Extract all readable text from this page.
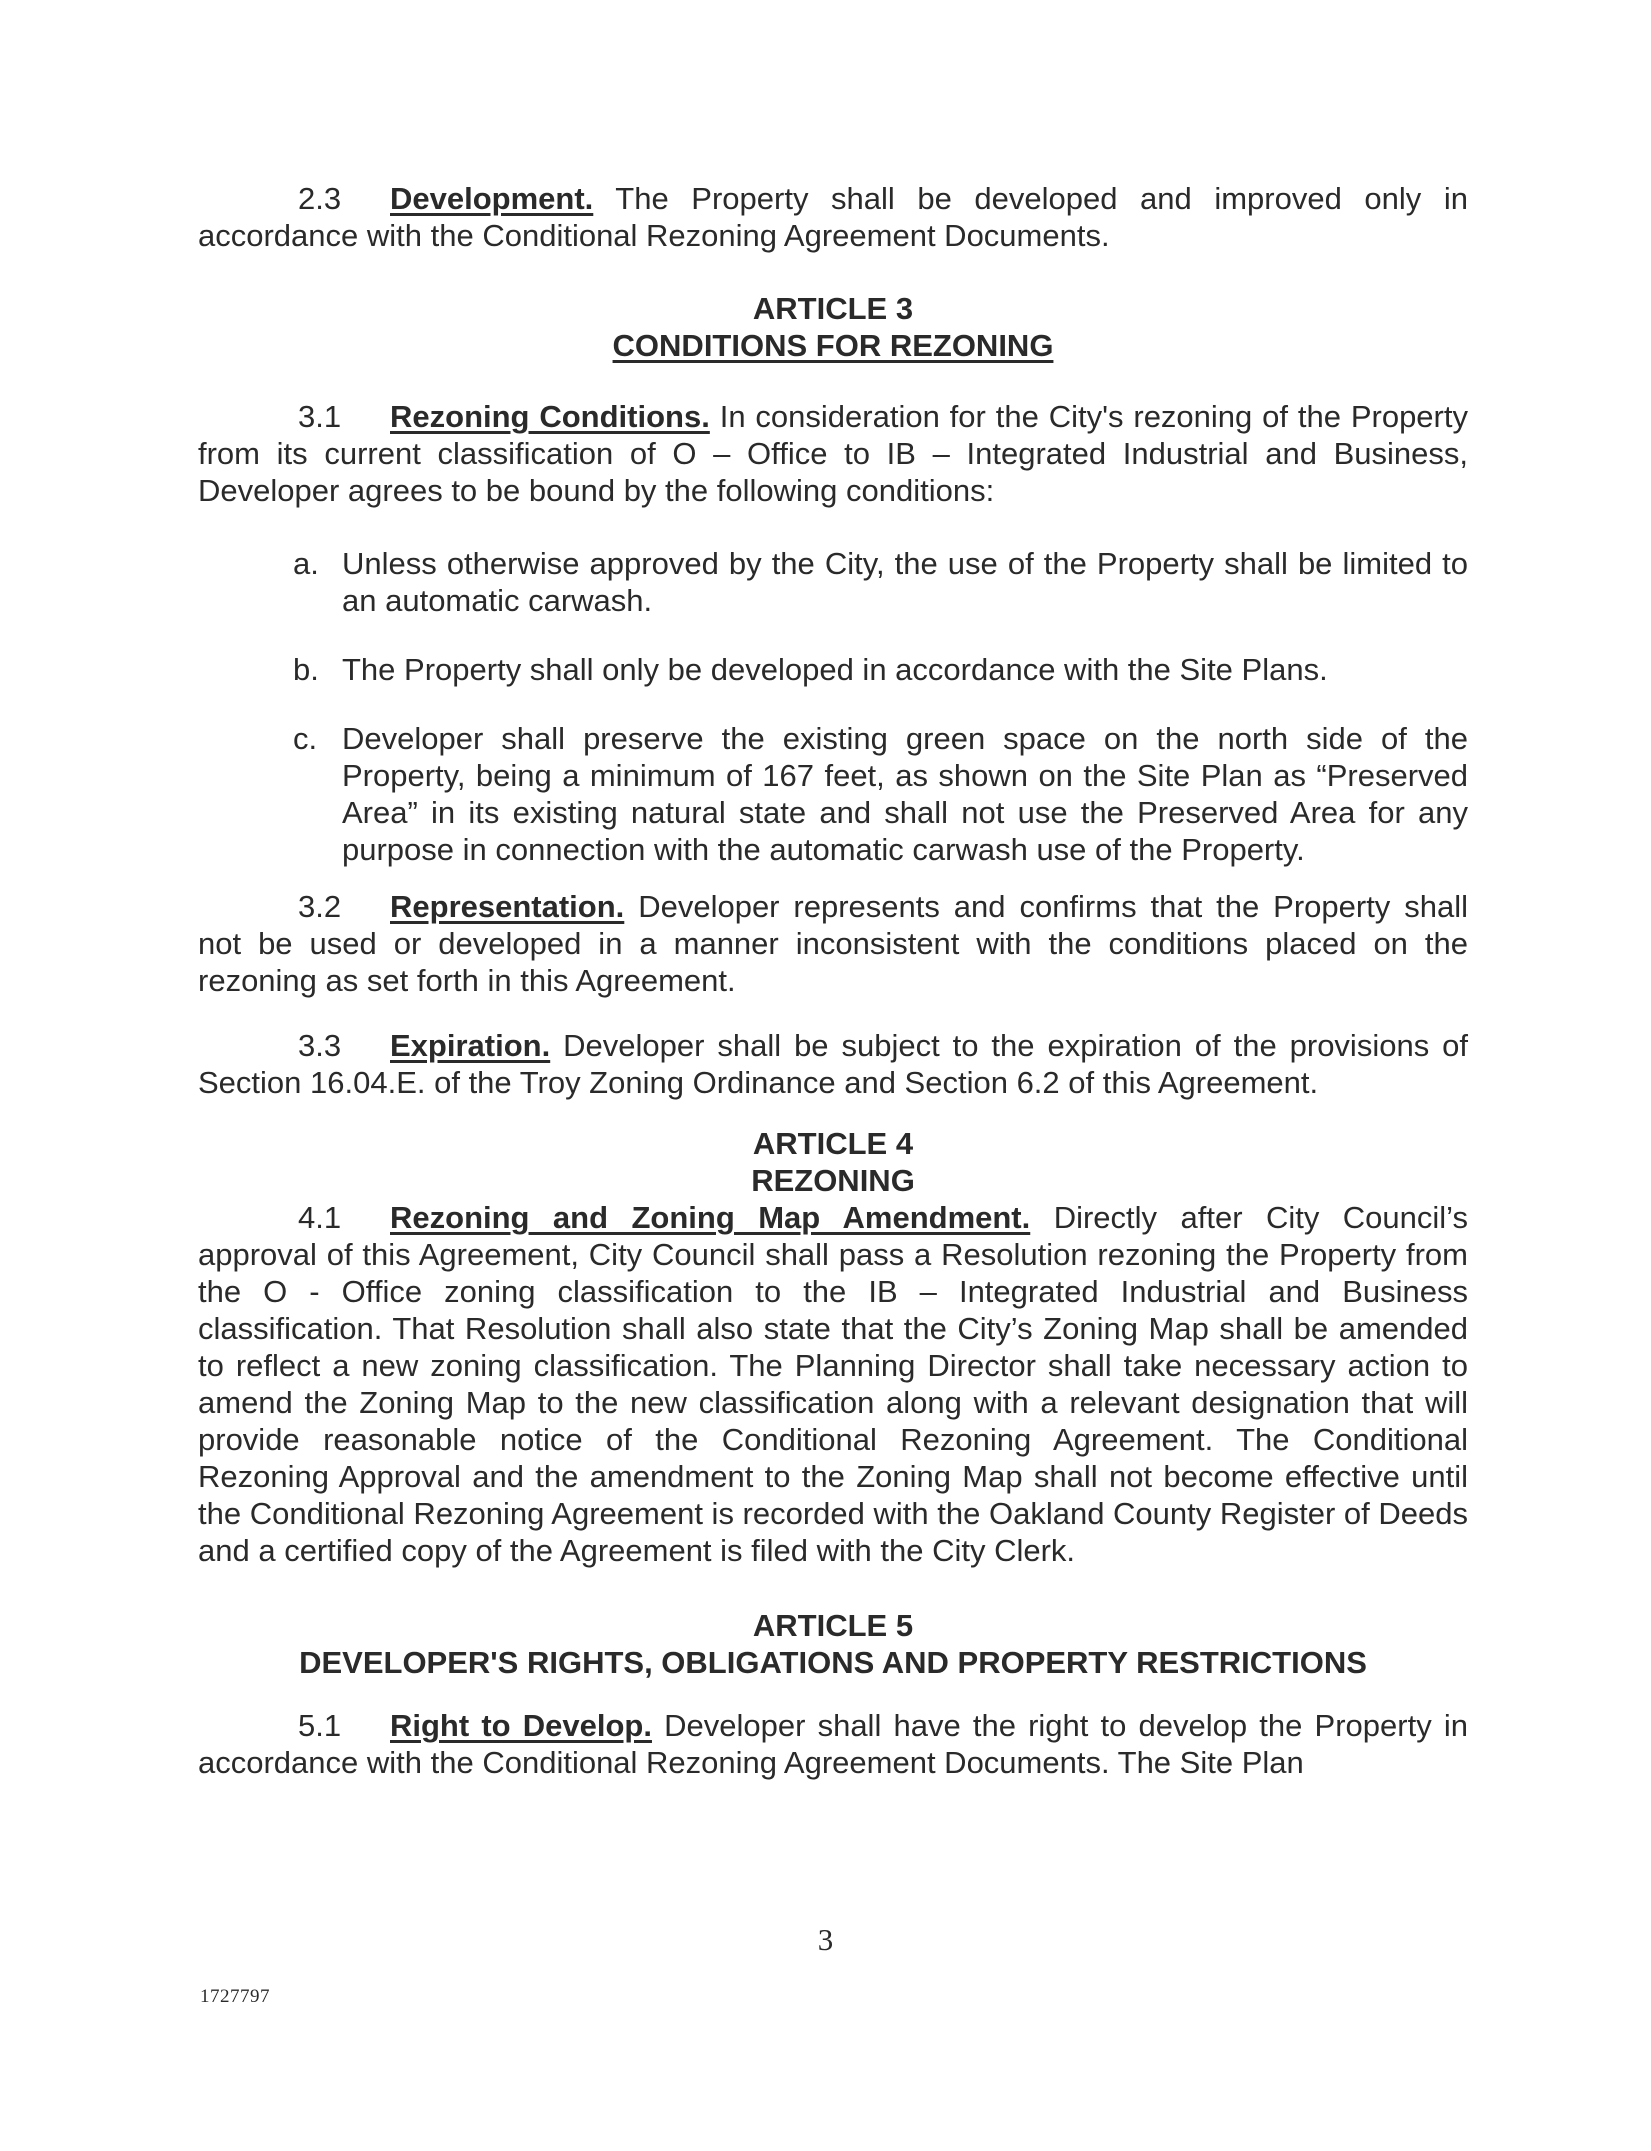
2.3 Development. The Property shall be developed and improved only in accordance with the Conditional Rezoning Agreement Documents.

ARTICLE 3
CONDITIONS FOR REZONING

3.1 Rezoning Conditions. In consideration for the City's rezoning of the Property from its current classification of O – Office to IB – Integrated Industrial and Business, Developer agrees to be bound by the following conditions:

a. Unless otherwise approved by the City, the use of the Property shall be limited to an automatic carwash.
b. The Property shall only be developed in accordance with the Site Plans.
c. Developer shall preserve the existing green space on the north side of the Property, being a minimum of 167 feet, as shown on the Site Plan as “Preserved Area” in its existing natural state and shall not use the Preserved Area for any purpose in connection with the automatic carwash use of the Property.

3.2 Representation. Developer represents and confirms that the Property shall not be used or developed in a manner inconsistent with the conditions placed on the rezoning as set forth in this Agreement.

3.3 Expiration. Developer shall be subject to the expiration of the provisions of Section 16.04.E. of the Troy Zoning Ordinance and Section 6.2 of this Agreement.

ARTICLE 4
REZONING

4.1 Rezoning and Zoning Map Amendment. Directly after City Council’s approval of this Agreement, City Council shall pass a Resolution rezoning the Property from the O - Office zoning classification to the IB – Integrated Industrial and Business classification. That Resolution shall also state that the City’s Zoning Map shall be amended to reflect a new zoning classification. The Planning Director shall take necessary action to amend the Zoning Map to the new classification along with a relevant designation that will provide reasonable notice of the Conditional Rezoning Agreement. The Conditional Rezoning Approval and the amendment to the Zoning Map shall not become effective until the Conditional Rezoning Agreement is recorded with the Oakland County Register of Deeds and a certified copy of the Agreement is filed with the City Clerk.

ARTICLE 5
DEVELOPER'S RIGHTS, OBLIGATIONS AND PROPERTY RESTRICTIONS

5.1 Right to Develop. Developer shall have the right to develop the Property in accordance with the Conditional Rezoning Agreement Documents. The Site Plan

3
1727797
